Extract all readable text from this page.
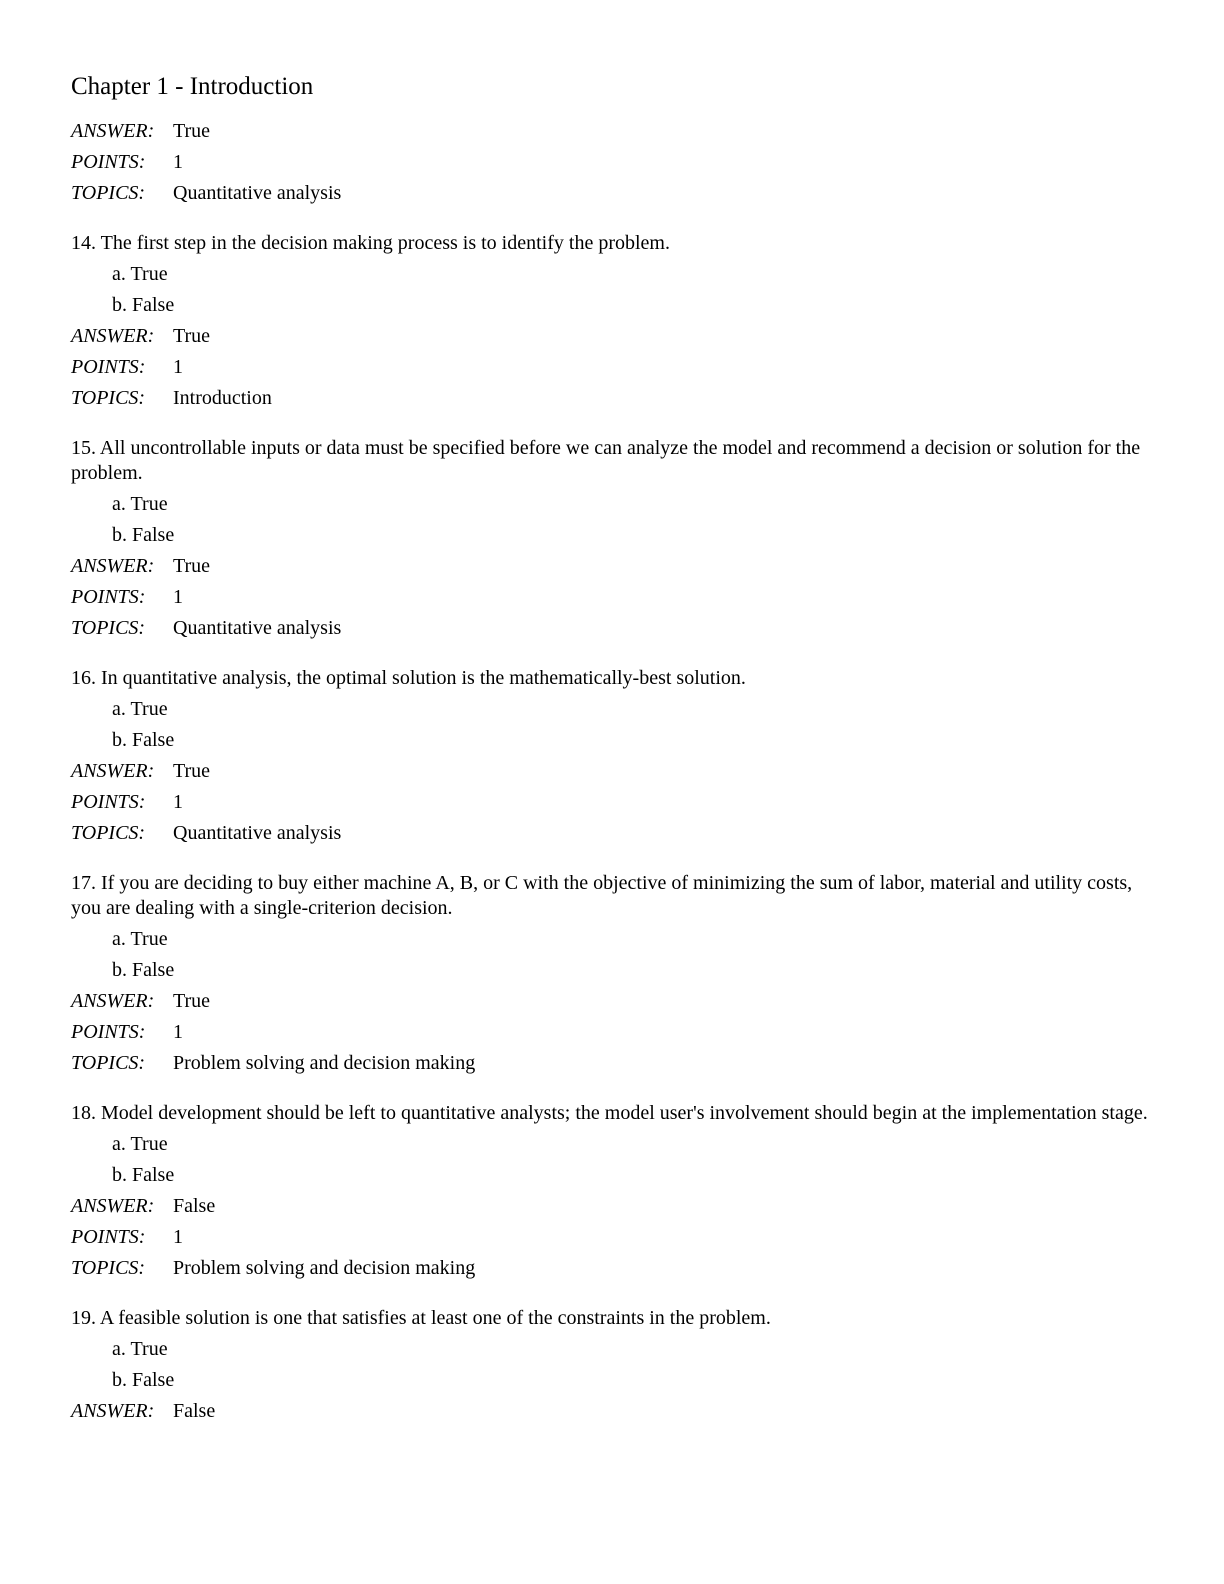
Chapter 1 - Introduction
ANSWER: True
POINTS:	1
TOPICS:	Quantitative analysis
14. The first step in the decision making process is to identify the problem.
a. True
b. False
ANSWER: True
POINTS:	1
TOPICS:	Introduction
15. All uncontrollable inputs or data must be specified before we can analyze the model and recommend a decision or solution for the problem.
a. True
b. False
ANSWER: True
POINTS:	1
TOPICS:	Quantitative analysis
16. In quantitative analysis, the optimal solution is the mathematically-best solution.
a. True
b. False
ANSWER: True
POINTS:	1
TOPICS:	Quantitative analysis
17. If you are deciding to buy either machine A, B, or C with the objective of minimizing the sum of labor, material and utility costs, you are dealing with a single-criterion decision.
a. True
b. False
ANSWER: True
POINTS:	1
TOPICS:	Problem solving and decision making
18. Model development should be left to quantitative analysts; the model user's involvement should begin at the implementation stage.
a. True
b. False
ANSWER: False
POINTS:	1
TOPICS:	Problem solving and decision making
19. A feasible solution is one that satisfies at least one of the constraints in the problem.
a. True
b. False
ANSWER: False
